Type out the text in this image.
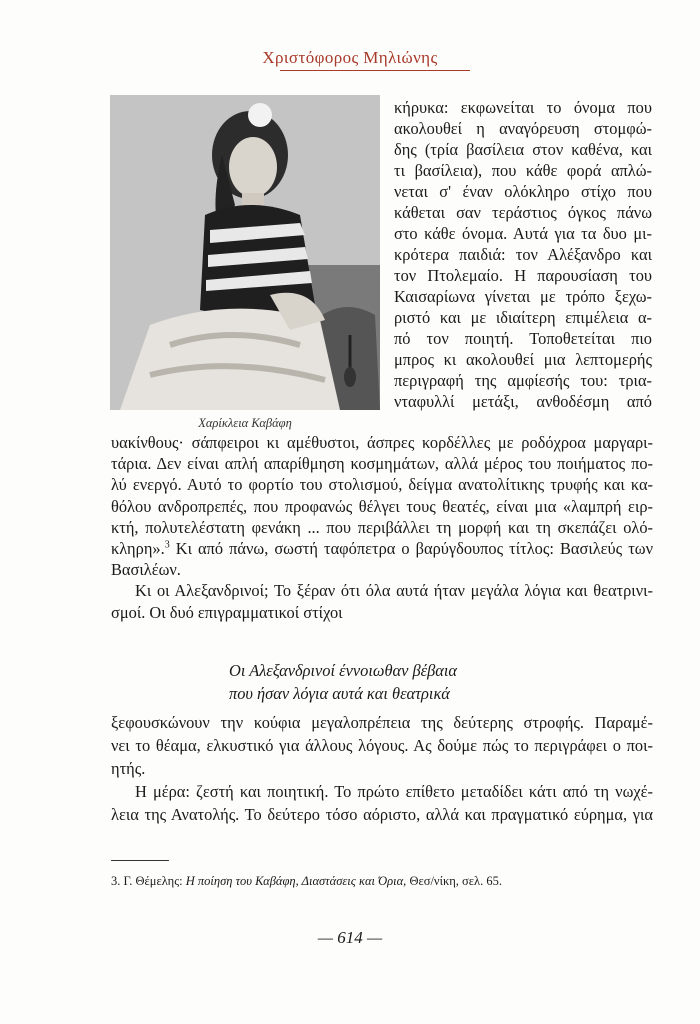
Χριστόφορος Μηλιώνης
Χαρίκλεια Καβάφη
κήρυκα: εκφωνείται το όνομα που
ακολουθεί η αναγόρευση στομφώ-
δης (τρία βασίλεια στον καθένα, και
τι βασίλεια), που κάθε φορά απλώ-
νεται σ' έναν ολόκληρο στίχο που
κάθεται σαν τεράστιος όγκος πάνω
στο κάθε όνομα. Αυτά για τα δυο μι-
κρότερα παιδιά: τον Αλέξανδρο και
τον Πτολεμαίο. Η παρουσίαση του
Καισαρίωνα γίνεται με τρόπο ξεχω-
ριστό και με ιδιαίτερη επιμέλεια α-
πό τον ποιητή. Τοποθετείται πιο
μπρος κι ακολουθεί μια λεπτομερής
περιγραφή της αμφίεσής του: τρια-
νταφυλλί μετάξι, ανθοδέσμη από
υακίνθους· σάπφειροι κι αμέθυστοι, άσπρες κορδέλλες με ροδόχροα μαργαρι-
τάρια. Δεν είναι απλή απαρίθμηση κοσμημάτων, αλλά μέρος του ποιήματος πο-
λύ ενεργό. Αυτό το φορτίο του στολισμού, δείγμα ανατολίτικης τρυφής και κα-
θόλου ανδροπρεπές, που προφανώς θέλγει τους θεατές, είναι μια «λαμπρή ειρ-
κτή, πολυτελέστατη φενάκη ... που περιβάλλει τη μορφή και τη σκεπάζει ολό-
κληρη».$^3$ Κι από πάνω, σωστή ταφόπετρα ο βαρύγδουπος τίτλος: Βασιλεύς των
Βασιλέων.
Κι οι Αλεξανδρινοί; Το ξέραν ότι όλα αυτά ήταν μεγάλα λόγια και θεατρινι-
σμοί. Οι δυό επιγραμματικοί στίχοι
Οι Αλεξανδρινοί έννοιωθαν βέβαια
που ήσαν λόγια αυτά και θεατρικά
ξεφουσκώνουν την κούφια μεγαλοπρέπεια της δεύτερης στροφής. Παραμέ-
νει το θέαμα, ελκυστικό για άλλους λόγους. Ας δούμε πώς το περιγράφει ο ποι-
ητής.
Η μέρα: ζεστή και ποιητική. Το πρώτο επίθετο μεταδίδει κάτι από τη νωχέ-
λεια της Ανατολής. Το δεύτερο τόσο αόριστο, αλλά και πραγματικό εύρημα, για
3. Γ. Θέμελης: Η ποίηση του Καβάφη, Διαστάσεις και Όρια, Θεσ/νίκη, σελ. 65.
— 614 —
